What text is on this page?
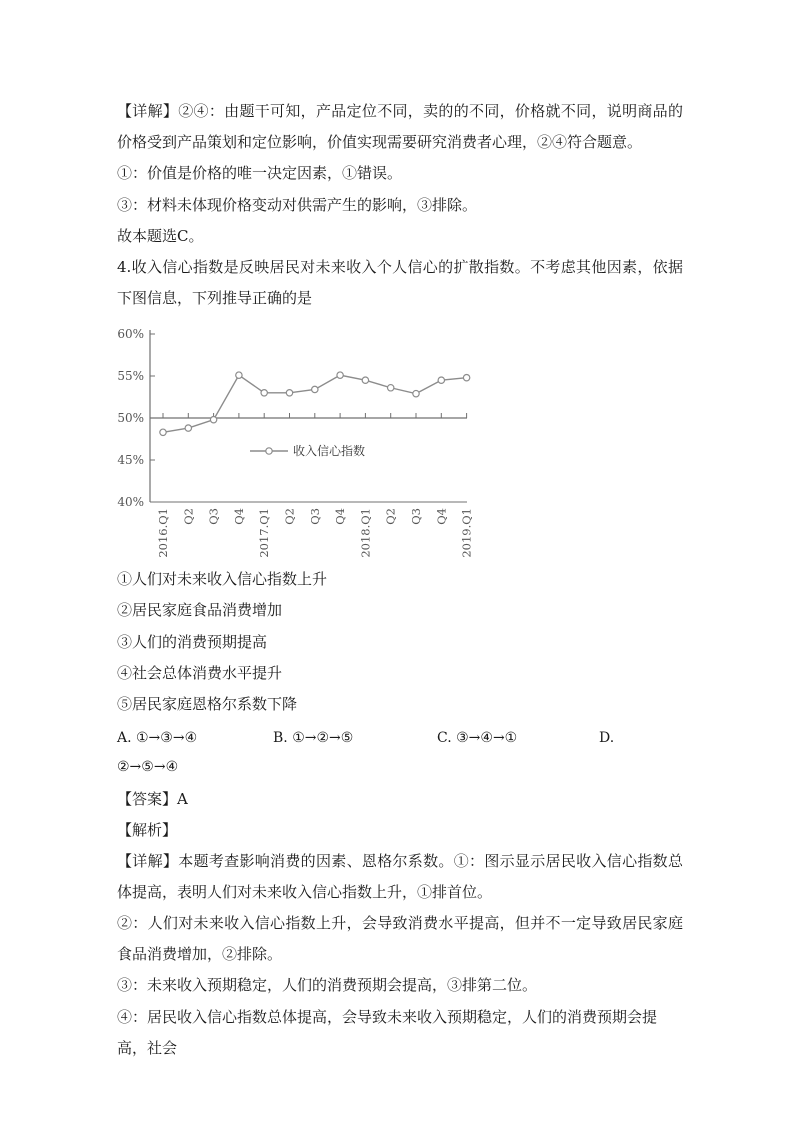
【详解】②④：由题干可知，产品定位不同，卖的的不同，价格就不同，说明商品的价格受到产品策划和定位影响，价值实现需要研究消费者心理，②④符合题意。

①：价值是价格的唯一决定因素，①错误。

③：材料未体现价格变动对供需产生的影响，③排除。

故本题选C。

4.收入信心指数是反映居民对未来收入个人信心的扩散指数。不考虑其他因素，依据下图信息，下列推导正确的是

40%
45%
50%
55%
60%
收入信心指数
2016.Q1 Q2 Q3 Q4 2017.Q1 Q2 Q3 Q4 2018.Q1 Q2 Q3 Q4 2019.Q1

①人们对未来收入信心指数上升

②居民家庭食品消费增加

③人们的消费预期提高

④社会总体消费水平提升

⑤居民家庭恩格尔系数下降

A. ①→③→④	B. ①→②→⑤	C. ③→④→①	D.

②→⑤→④

【答案】A

【解析】

【详解】本题考查影响消费的因素、恩格尔系数。①：图示显示居民收入信心指数总体提高，表明人们对未来收入信心指数上升，①排首位。

②：人们对未来收入信心指数上升，会导致消费水平提高，但并不一定导致居民家庭食品消费增加，②排除。

③：未来收入预期稳定，人们的消费预期会提高，③排第二位。

④：居民收入信心指数总体提高，会导致未来收入预期稳定，人们的消费预期会提高，社会
